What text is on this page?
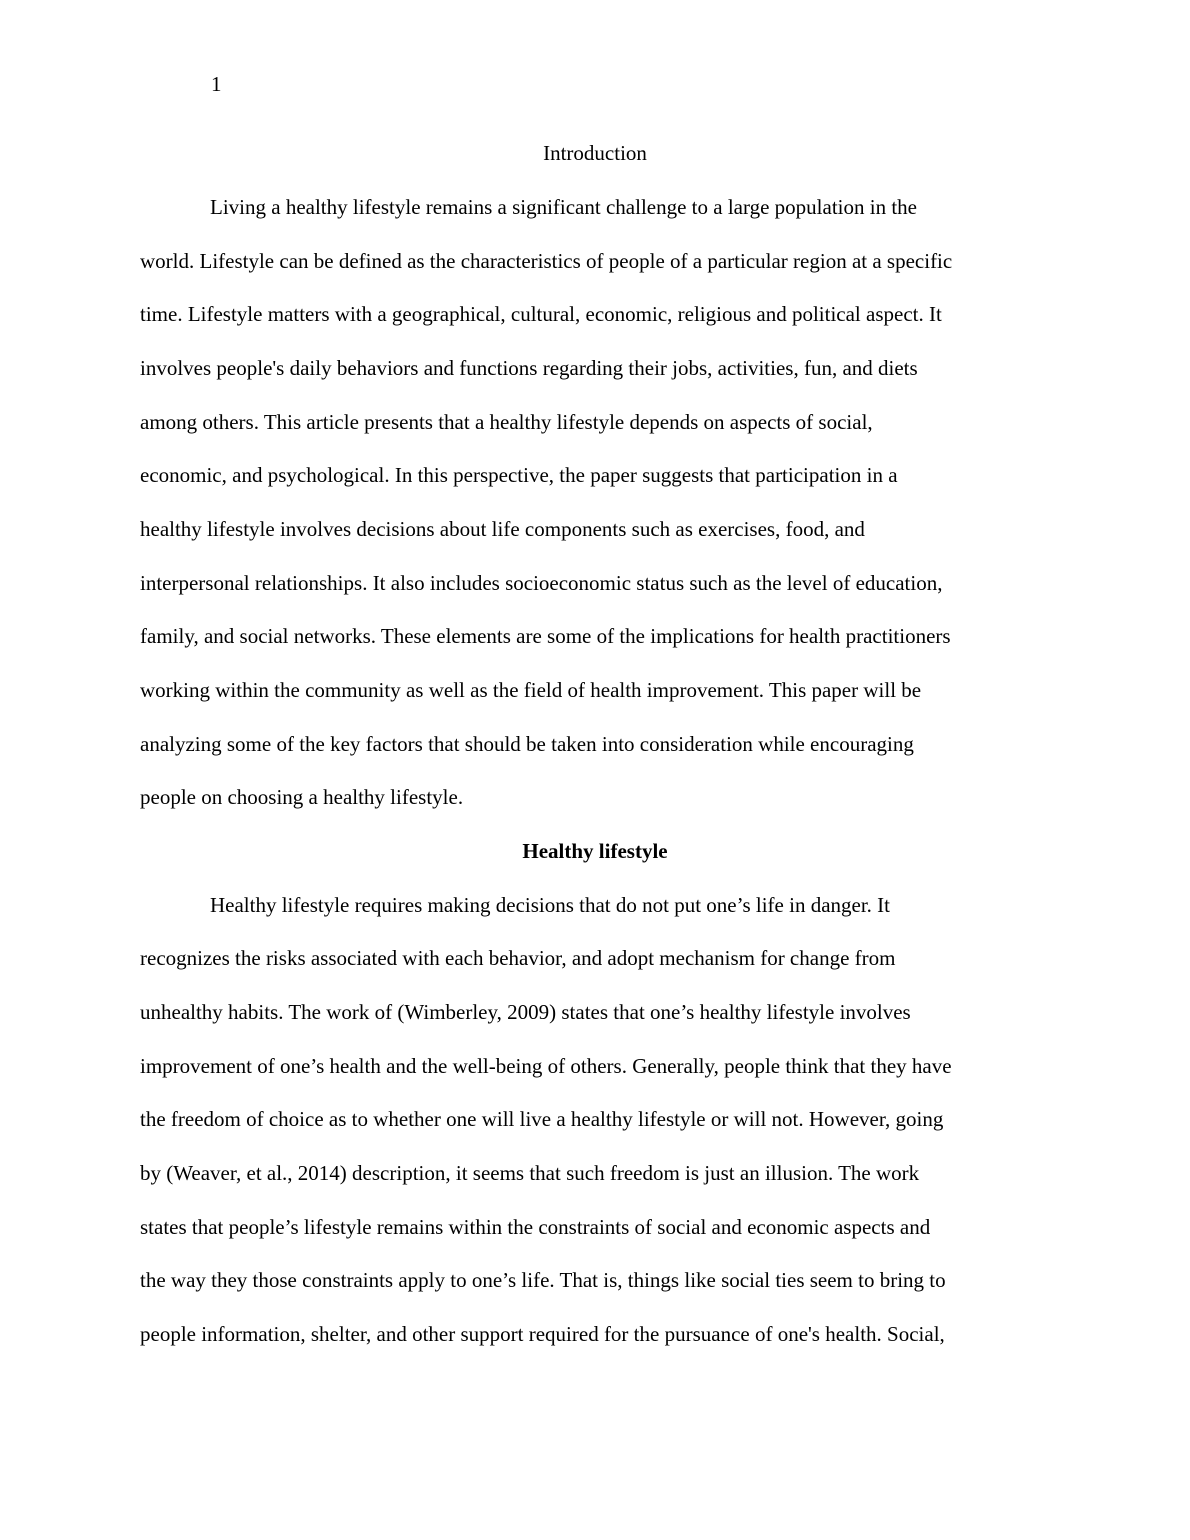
1
Introduction
Living a healthy lifestyle remains a significant challenge to a large population in the
world. Lifestyle can be defined as the characteristics of people of a particular region at a specific
time. Lifestyle matters with a geographical, cultural, economic, religious and political aspect. It
involves people's daily behaviors and functions regarding their jobs, activities, fun, and diets
among others. This article presents that a healthy lifestyle depends on aspects of social,
economic, and psychological. In this perspective, the paper suggests that participation in a
healthy lifestyle involves decisions about life components such as exercises, food, and
interpersonal relationships. It also includes socioeconomic status such as the level of education,
family, and social networks. These elements are some of the implications for health practitioners
working within the community as well as the field of health improvement. This paper will be
analyzing some of the key factors that should be taken into consideration while encouraging
people on choosing a healthy lifestyle.
Healthy lifestyle
Healthy lifestyle requires making decisions that do not put one’s life in danger. It
recognizes the risks associated with each behavior, and adopt mechanism for change from
unhealthy habits. The work of (Wimberley, 2009) states that one’s healthy lifestyle involves
improvement of one’s health and the well-being of others. Generally, people think that they have
the freedom of choice as to whether one will live a healthy lifestyle or will not. However, going
by (Weaver, et al., 2014) description, it seems that such freedom is just an illusion. The work
states that people’s lifestyle remains within the constraints of social and economic aspects and
the way they those constraints apply to one’s life. That is, things like social ties seem to bring to
people information, shelter, and other support required for the pursuance of one's health. Social,
